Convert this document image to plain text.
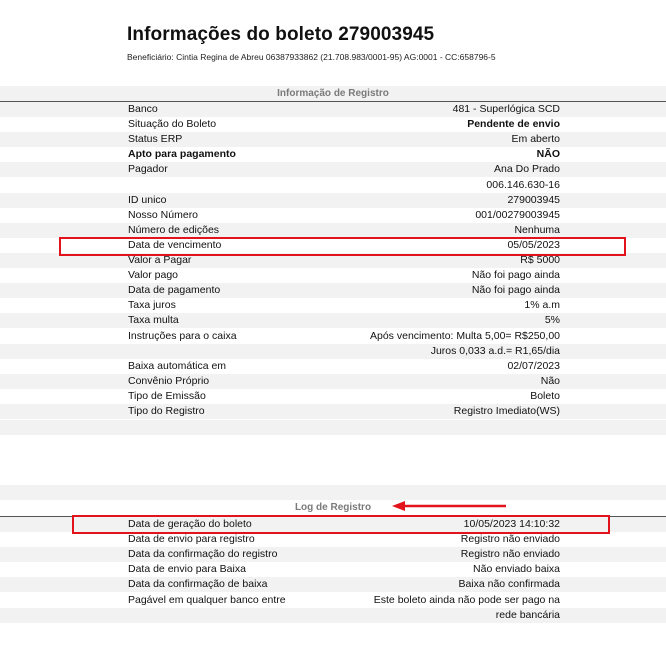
Informações do boleto 279003945
Beneficiário: Cintia Regina de Abreu 06387933862 (21.708.983/0001-95) AG:0001 - CC:658796-5
Informação de Registro
Banco	481 - Superlógica SCD
Situação do Boleto	Pendente de envio
Status ERP	Em aberto
Apto para pagamento	NÃO
Pagador	Ana Do Prado
006.146.630-16
ID unico	279003945
Nosso Número	001/00279003945
Número de edições	Nenhuma
Data de vencimento	05/05/2023
Valor a Pagar	R$ 5000
Valor pago	Não foi pago ainda
Data de pagamento	Não foi pago ainda
Taxa juros	1% a.m
Taxa multa	5%
Instruções para o caixa	Após vencimento: Multa 5,00= R$250,00
Juros 0,033 a.d.= R1,65/dia
Baixa automática em	02/07/2023
Convênio Próprio	Não
Tipo de Emissão	Boleto
Tipo do Registro	Registro Imediato(WS)
Log de Registro
Data de geração do boleto	10/05/2023 14:10:32
Data de envio para registro	Registro não enviado
Data da confirmação do registro	Registro não enviado
Data de envio para Baixa	Não enviado baixa
Data da confirmação de baixa	Baixa não confirmada
Pagável em qualquer banco entre	Este boleto ainda não pode ser pago na
rede bancária
